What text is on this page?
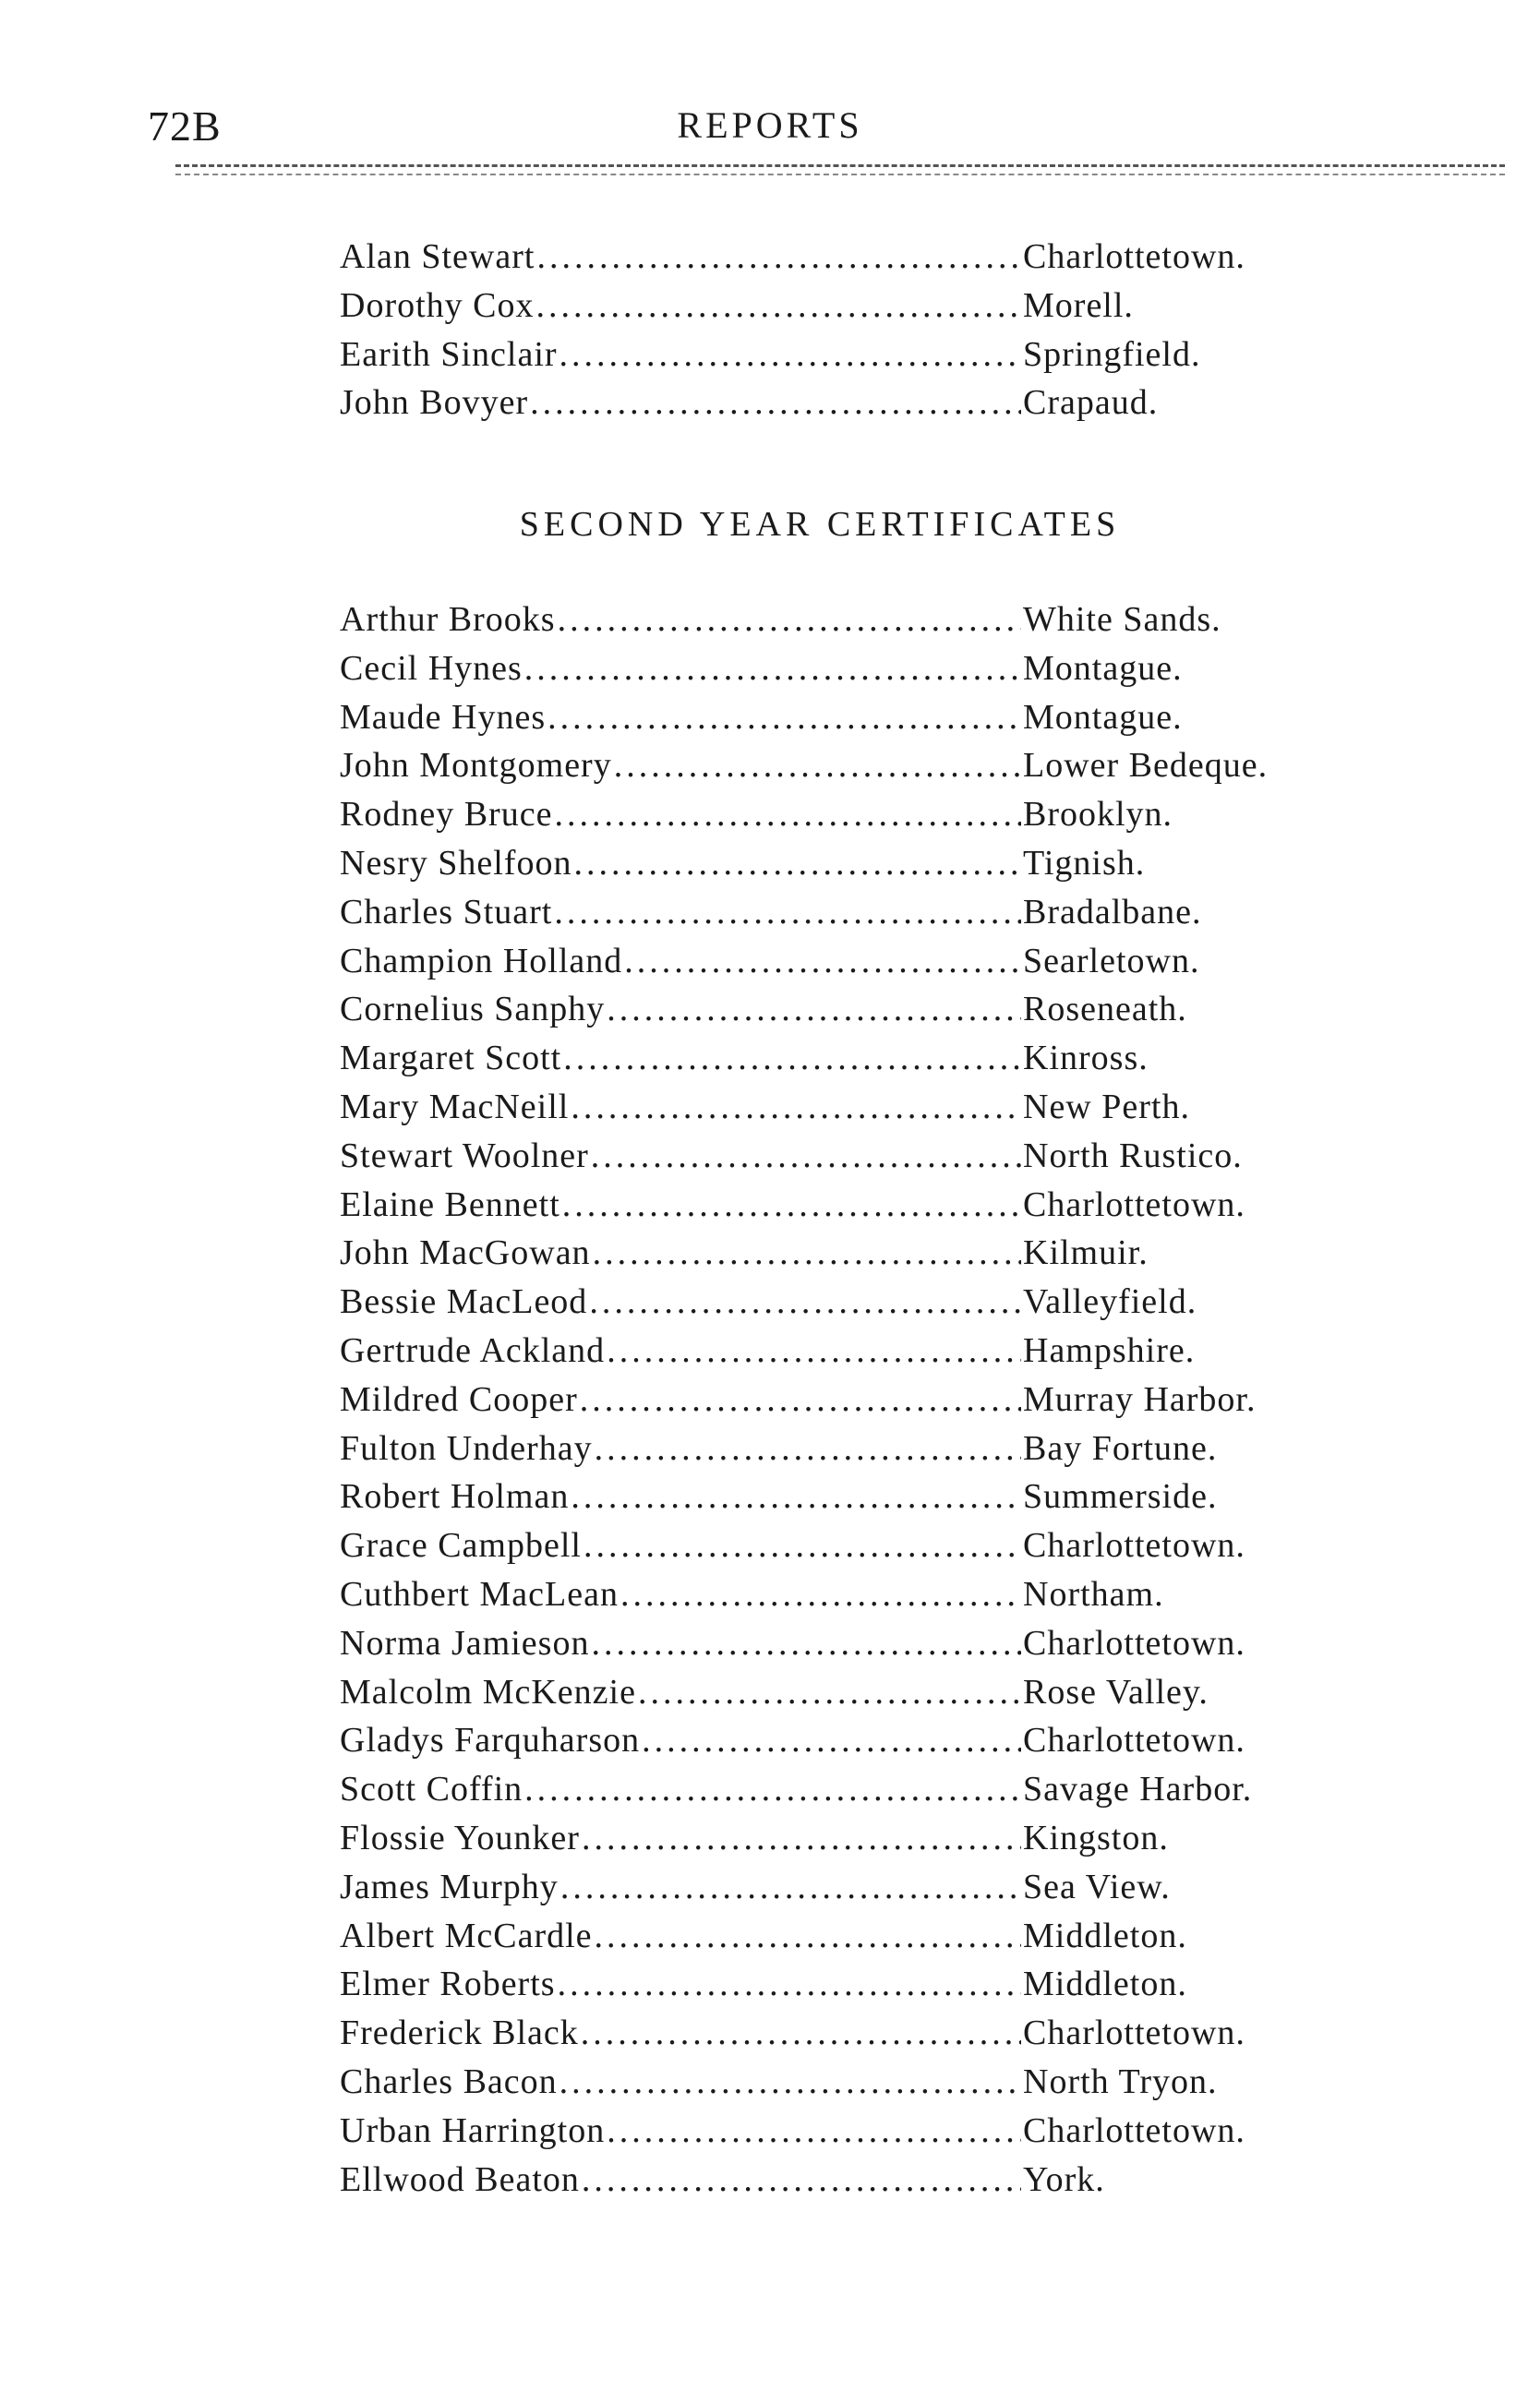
72B	REPORTS
Alan Stewart .....	Charlottetown.
Dorothy Cox .....	Morell.
Earith Sinclair .....	Springfield.
John Bovyer .....	Crapaud.
SECOND YEAR CERTIFICATES
Arthur Brooks .....	White Sands.
Cecil Hynes .....	Montague.
Maude Hynes .....	Montague.
John Montgomery .....	Lower Bedeque.
Rodney Bruce .....	Brooklyn.
Nesry Shelfoon .....	Tignish.
Charles Stuart .....	Bradalbane.
Champion Holland .....	Searletown.
Cornelius Sanphy .....	Roseneath.
Margaret Scott .....	Kinross.
Mary MacNeill .....	New Perth.
Stewart Woolner .....	North Rustico.
Elaine Bennett .....	Charlottetown.
John MacGowan .....	Kilmuir.
Bessie MacLeod .....	Valleyfield.
Gertrude Ackland .....	Hampshire.
Mildred Cooper .....	Murray Harbor.
Fulton Underhay .....	Bay Fortune.
Robert Holman .....	Summerside.
Grace Campbell .....	Charlottetown.
Cuthbert MacLean .....	Northam.
Norma Jamieson .....	Charlottetown.
Malcolm McKenzie .....	Rose Valley.
Gladys Farquharson .....	Charlottetown.
Scott Coffin .....	Savage Harbor.
Flossie Younker .....	Kingston.
James Murphy .....	Sea View.
Albert McCardle .....	Middleton.
Elmer Roberts .....	Middleton.
Frederick Black .....	Charlottetown.
Charles Bacon .....	North Tryon.
Urban Harrington .....	Charlottetown.
Ellwood Beaton .....	York.
